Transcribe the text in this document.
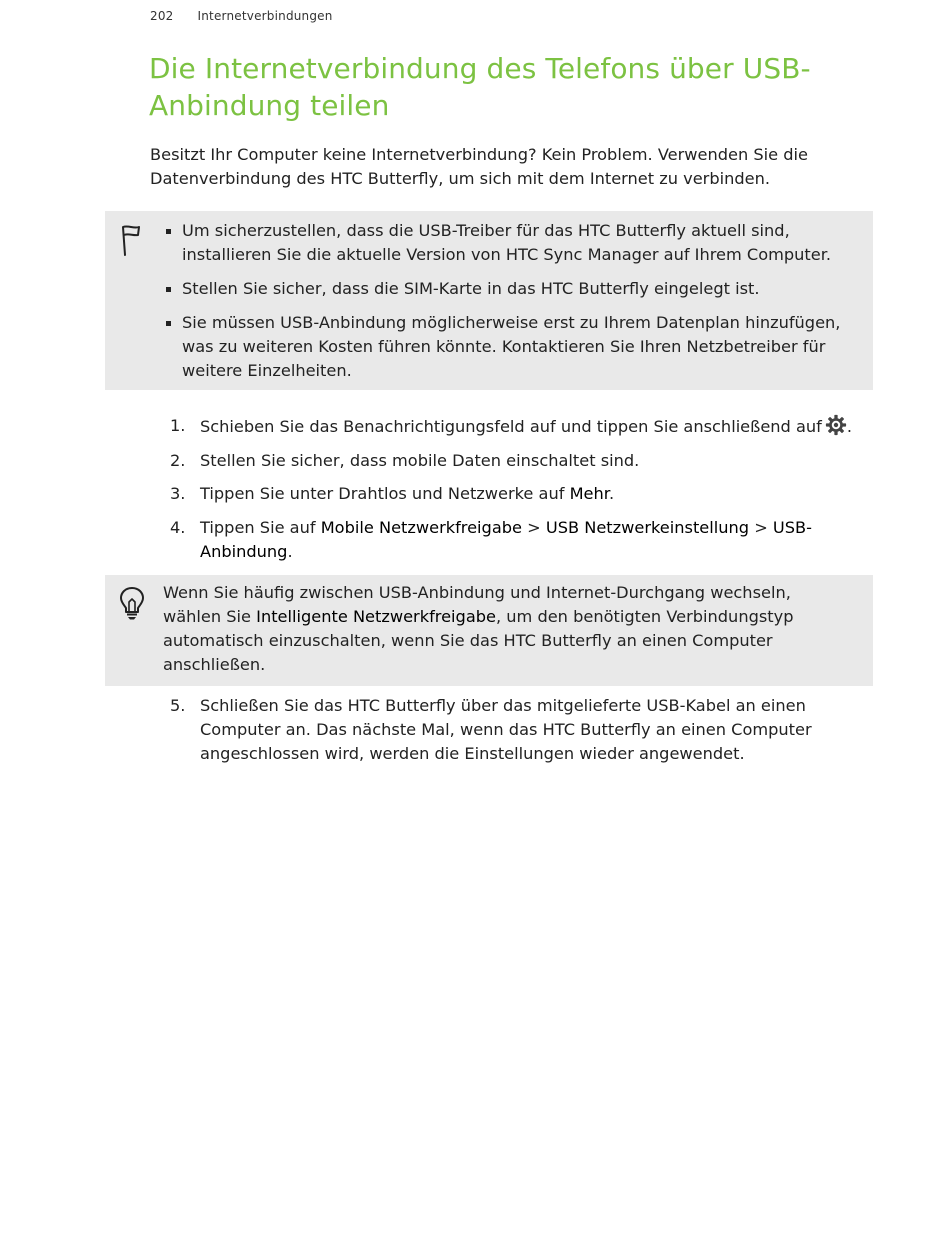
202 Internetverbindungen
Die Internetverbindung des Telefons über USB-Anbindung teilen

Besitzt Ihr Computer keine Internetverbindung? Kein Problem. Verwenden Sie die Datenverbindung des HTC Butterfly, um sich mit dem Internet zu verbinden.

Um sicherzustellen, dass die USB-Treiber für das HTC Butterfly aktuell sind, installieren Sie die aktuelle Version von HTC Sync Manager auf Ihrem Computer.
Stellen Sie sicher, dass die SIM-Karte in das HTC Butterfly eingelegt ist.
Sie müssen USB-Anbindung möglicherweise erst zu Ihrem Datenplan hinzufügen, was zu weiteren Kosten führen könnte. Kontaktieren Sie Ihren Netzbetreiber für weitere Einzelheiten.
1. Schieben Sie das Benachrichtigungsfeld auf und tippen Sie anschließend auf .
2. Stellen Sie sicher, dass mobile Daten einschaltet sind.
3. Tippen Sie unter Drahtlos und Netzwerke auf Mehr.
4. Tippen Sie auf Mobile Netzwerkfreigabe > USB Netzwerkeinstellung > USB-Anbindung.

Wenn Sie häufig zwischen USB-Anbindung und Internet-Durchgang wechseln, wählen Sie Intelligente Netzwerkfreigabe, um den benötigten Verbindungstyp automatisch einzuschalten, wenn Sie das HTC Butterfly an einen Computer anschließen.

5. Schließen Sie das HTC Butterfly über das mitgelieferte USB-Kabel an einen Computer an. Das nächste Mal, wenn das HTC Butterfly an einen Computer angeschlossen wird, werden die Einstellungen wieder angewendet.
